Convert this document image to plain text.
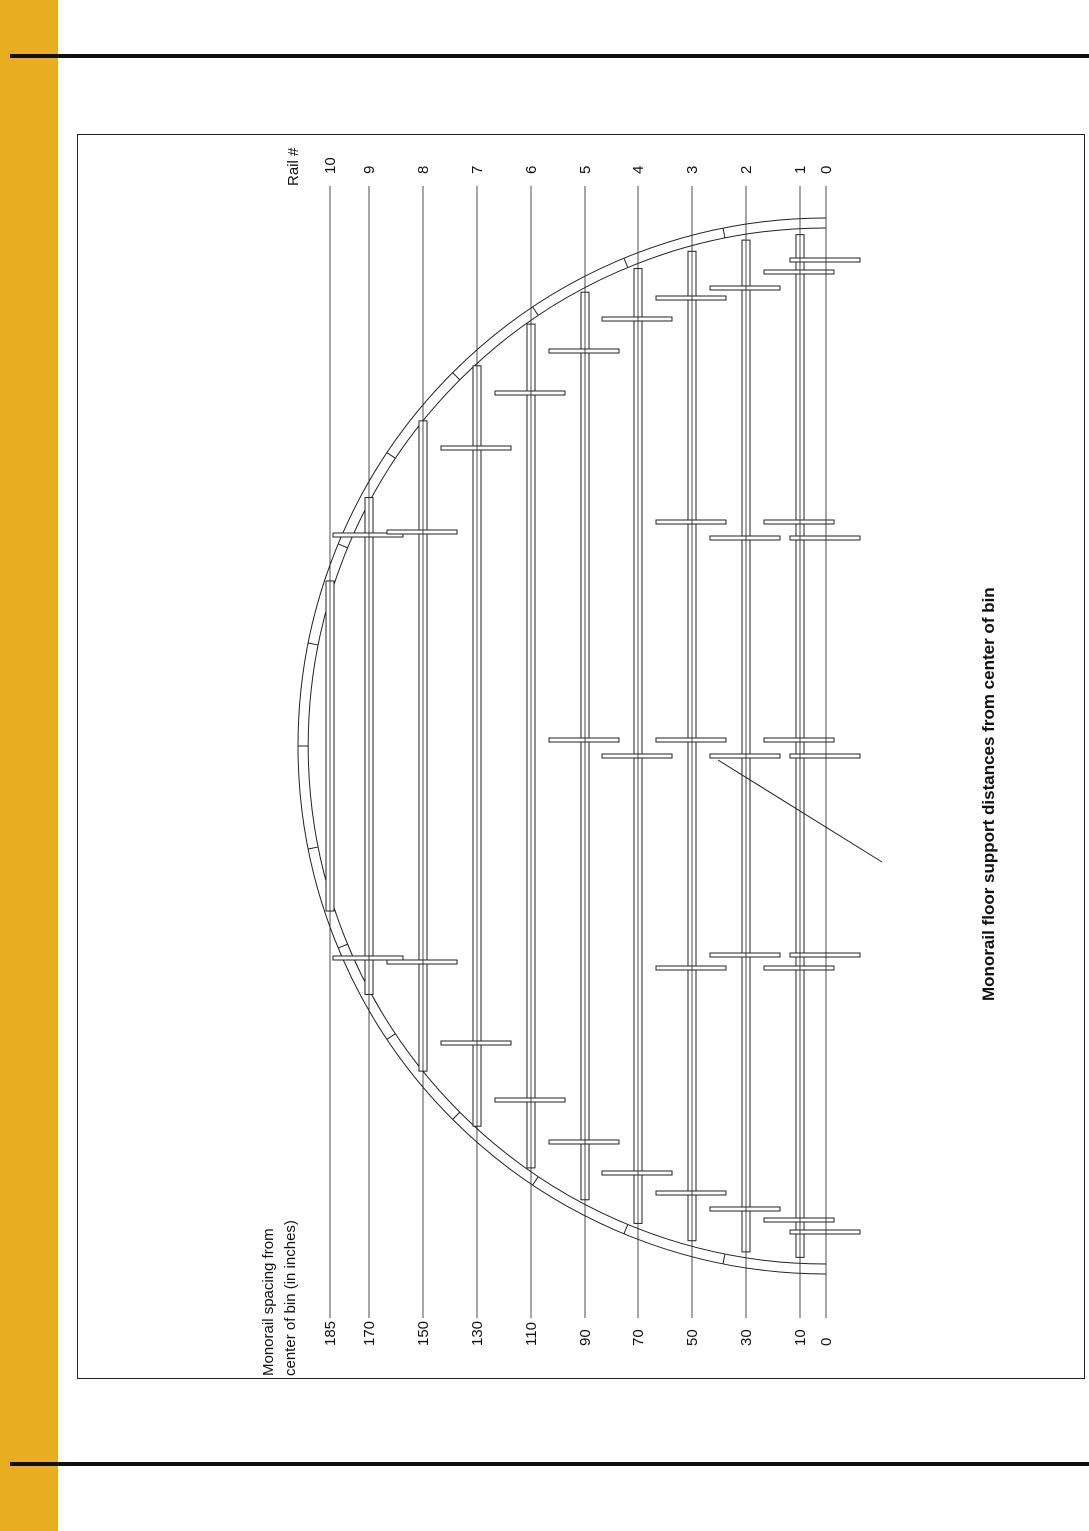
10
185
9
170
8
150
7
130
6
110
5
90
4
70
3
50
2
30
1
10
0
0
Rail #
Monorail spacing from center of bin (in inches)
Monorail floor support distances from center of bin
